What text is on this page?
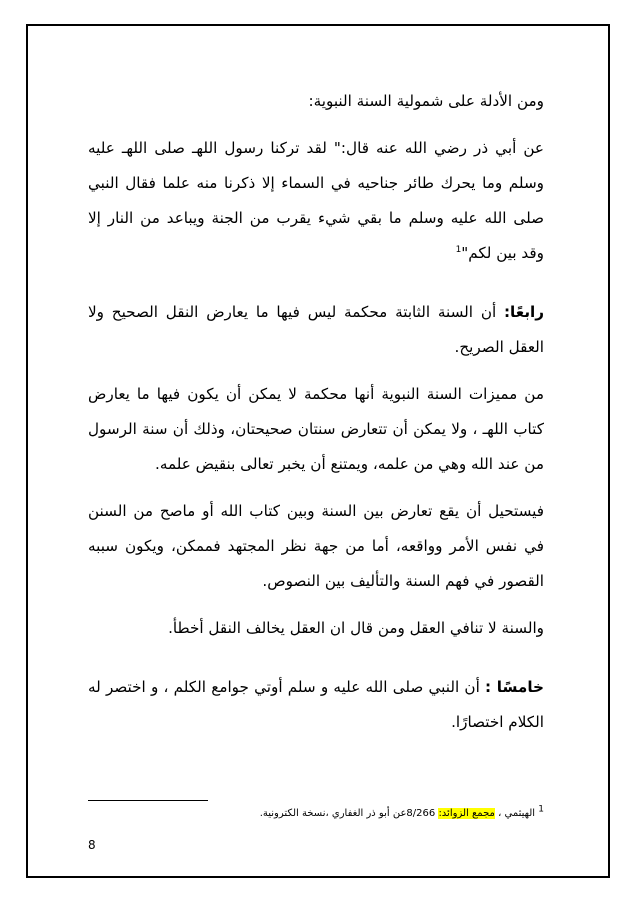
ومن الأدلة على شمولية السنة النبوية:

عن أبي ذر رضي الله عنه قال:" لقد تركنا رسول اللهـ صلى اللهـ عليه وسلم وما يحرك طائر جناحيه في السماء إلا ذكرنا منه علما فقال النبي صلى الله عليه وسلم ما بقي شيء يقرب من الجنة ويباعد من النار إلا وقد بين لكم"$^1$

رابعًا: أن السنة الثابتة محكمة ليس فيها ما يعارض النقل الصحيح ولا العقل الصريح.

من مميزات السنة النبوية أنها محكمة لا يمكن أن يكون فيها ما يعارض كتاب اللهـ ، ولا يمكن أن تتعارض سنتان صحيحتان، وذلك أن سنة الرسول من عند الله وهي من علمه، ويمتنع أن يخبر تعالى بنقيض علمه.

فيستحيل أن يقع تعارض بين السنة وبين كتاب الله أو ماصح من السنن في نفس الأمر وواقعه، أما من جهة نظر المجتهد فممكن، ويكون سببه القصور في فهم السنة والتأليف بين النصوص.

والسنة لا تنافي العقل ومن قال ان العقل يخالف النقل أخطأ.

خامسًا : أن النبي صلى الله عليه و سلم أوتي جوامع الكلم ، و اختصر له الكلام اختصارًا.

1 الهيثمي ، مجمع الزوائد: 8/266عن أبو ذر الغفاري ،نسخة الكترونية.
8
